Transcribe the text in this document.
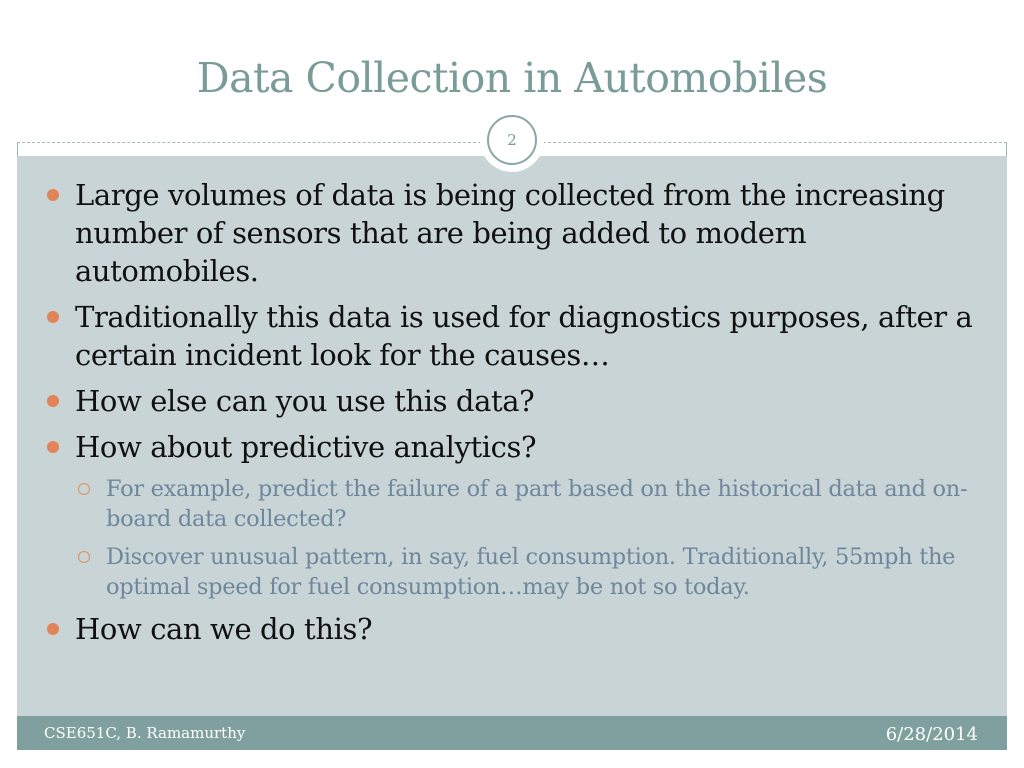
Data Collection in Automobiles
2
Large volumes of data is being collected from the increasing number of sensors that are being added to modern automobiles.
Traditionally this data is used for diagnostics purposes, after a certain incident look for the causes…
How else can you use this data?
How about predictive analytics?
For example, predict the failure of a part based on the historical data and on-board data collected?
Discover unusual pattern, in say, fuel consumption. Traditionally, 55mph the optimal speed for fuel consumption…may be not so today.
How can we do this?
CSE651C, B. Ramamurthy	6/28/2014
